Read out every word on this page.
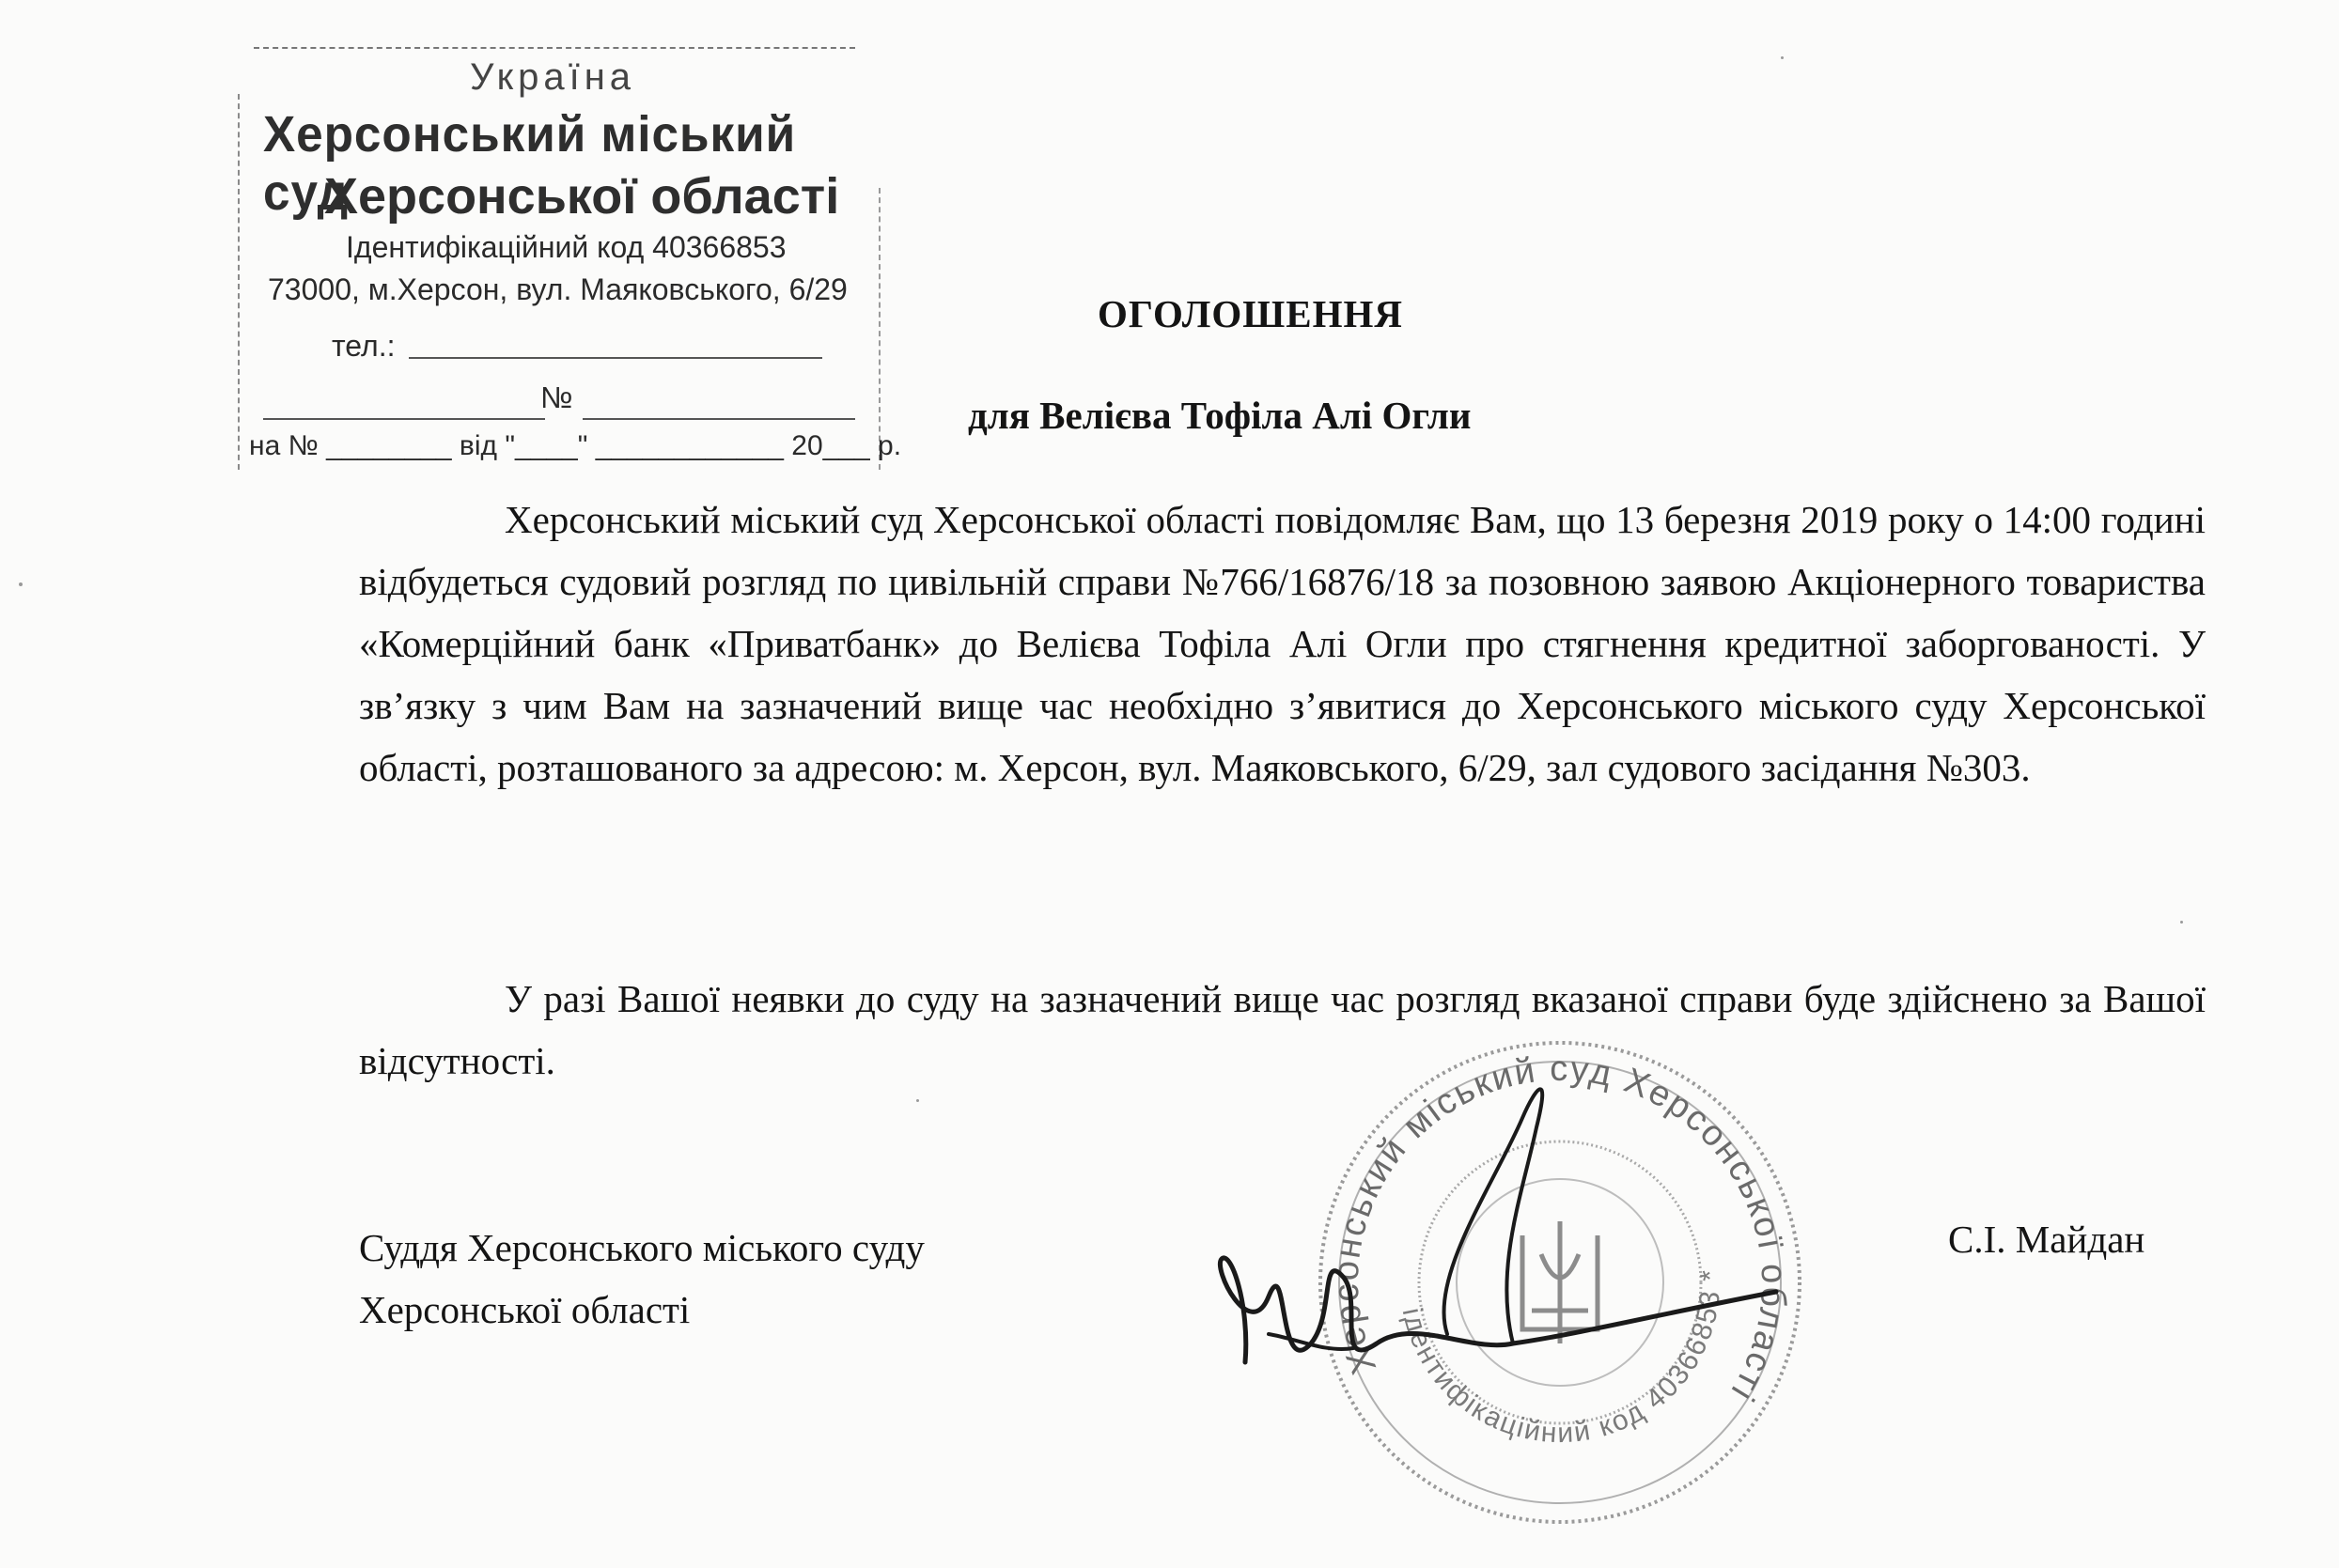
Україна
Херсонський міський суд
Херсонської області
Ідентифікаційний код 40366853
73000, м.Херсон, вул. Маяковського, 6/29
тел.:
№
на № ________ від "____" ____________ 20___ р.
ОГОЛОШЕННЯ
для Велієва Тофіла Алі Огли
Херсонський міський суд Херсонської області повідомляє Вам, що 13 березня 2019 року о 14:00 годині відбудеться судовий розгляд по цивільній справи №766/16876/18 за позовною заявою Акціонерного товариства «Комерційний банк «Приватбанк» до Велієва Тофіла Алі Огли про стягнення кредитної заборгованості. У зв’язку з чим Вам на зазначений вище час необхідно з’явитися до Херсонського міського суду Херсонської області, розташованого за адресою: м. Херсон, вул. Маяковського, 6/29, зал судового засідання №303.
У разі Вашої неявки до суду на зазначений вище час розгляд вказаної справи буде здійснено за Вашої відсутності.
Херсонський міський суд Херсонської області
ідентифікаційний код 40366853 *
Суддя Херсонського міського суду
Херсонської області
С.І. Майдан
